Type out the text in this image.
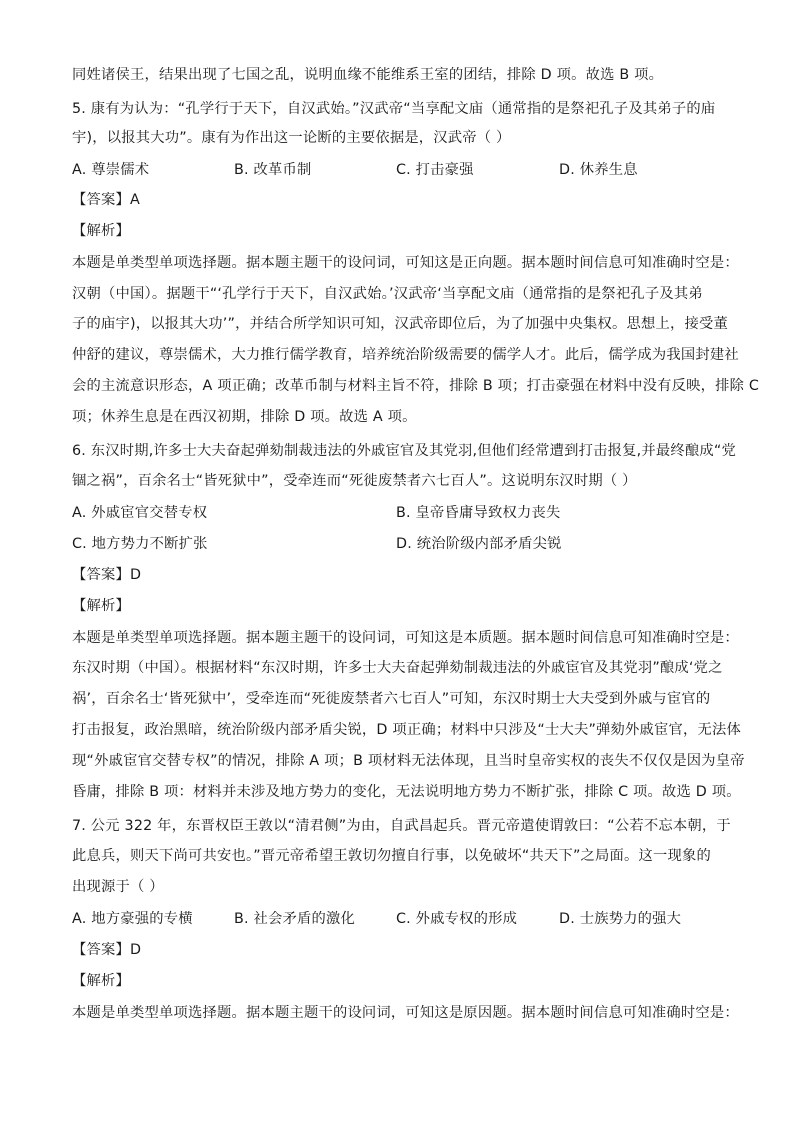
同姓诸侯王，结果出现了七国之乱，说明血缘不能维系王室的团结，排除 D 项。故选 B 项。
5. 康有为认为：“孔学行于天下，自汉武始。”汉武帝“当享配文庙（通常指的是祭祀孔子及其弟子的庙
宇)，以报其大功”。康有为作出这一论断的主要依据是，汉武帝（ ）
A. 尊崇儒术	B. 改革币制	C. 打击豪强	D. 休养生息
【答案】A
【解析】
本题是单类型单项选择题。据本题主题干的设问词，可知这是正向题。据本题时间信息可知准确时空是：
汉朝（中国）。据题干“‘孔学行于天下，自汉武始。’汉武帝‘当享配文庙（通常指的是祭祀孔子及其弟
子的庙宇)，以报其大功’”，并结合所学知识可知，汉武帝即位后，为了加强中央集权。思想上，接受董
仲舒的建议，尊崇儒术，大力推行儒学教育，培养统治阶级需要的儒学人才。此后，儒学成为我国封建社
会的主流意识形态，A 项正确；改革币制与材料主旨不符，排除 B 项；打击豪强在材料中没有反映，排除 C
项；休养生息是在西汉初期，排除 D 项。故选 A 项。
6. 东汉时期,许多士大夫奋起弹劾制裁违法的外戚宦官及其党羽,但他们经常遭到打击报复,并最终酿成“党
锢之祸”，百余名士“皆死狱中”，受牵连而“死徙废禁者六七百人”。这说明东汉时期（ ）
A. 外戚宦官交替专权	B. 皇帝昏庸导致权力丧失
C. 地方势力不断扩张	D. 统治阶级内部矛盾尖锐
【答案】D
【解析】
本题是单类型单项选择题。据本题主题干的设问词，可知这是本质题。据本题时间信息可知准确时空是：
东汉时期（中国）。根据材料“东汉时期，许多士大夫奋起弹劾制裁违法的外戚宦官及其党羽”酿成‘党之
祸’，百余名士‘皆死狱中’，受牵连而“死徙废禁者六七百人”可知，东汉时期士大夫受到外戚与宦官的
打击报复，政治黑暗，统治阶级内部矛盾尖锐，D 项正确；材料中只涉及“士大夫”弹劾外戚宦官，无法体
现“外戚宦官交替专权”的情况，排除 A 项；B 项材料无法体现，且当时皇帝实权的丧失不仅仅是因为皇帝
昏庸，排除 B 项：材料并未涉及地方势力的变化，无法说明地方势力不断扩张，排除 C 项。故选 D 项。
7. 公元 322 年，东晋权臣王敦以“清君侧”为由，自武昌起兵。晋元帝遣使谓敦曰：“公若不忘本朝，于
此息兵，则天下尚可共安也。”晋元帝希望王敦切勿擅自行事，以免破坏“共天下”之局面。这一现象的
出现源于（ ）
A. 地方豪强的专横	B. 社会矛盾的激化	C. 外戚专权的形成	D. 士族势力的强大
【答案】D
【解析】
本题是单类型单项选择题。据本题主题干的设问词，可知这是原因题。据本题时间信息可知准确时空是：
